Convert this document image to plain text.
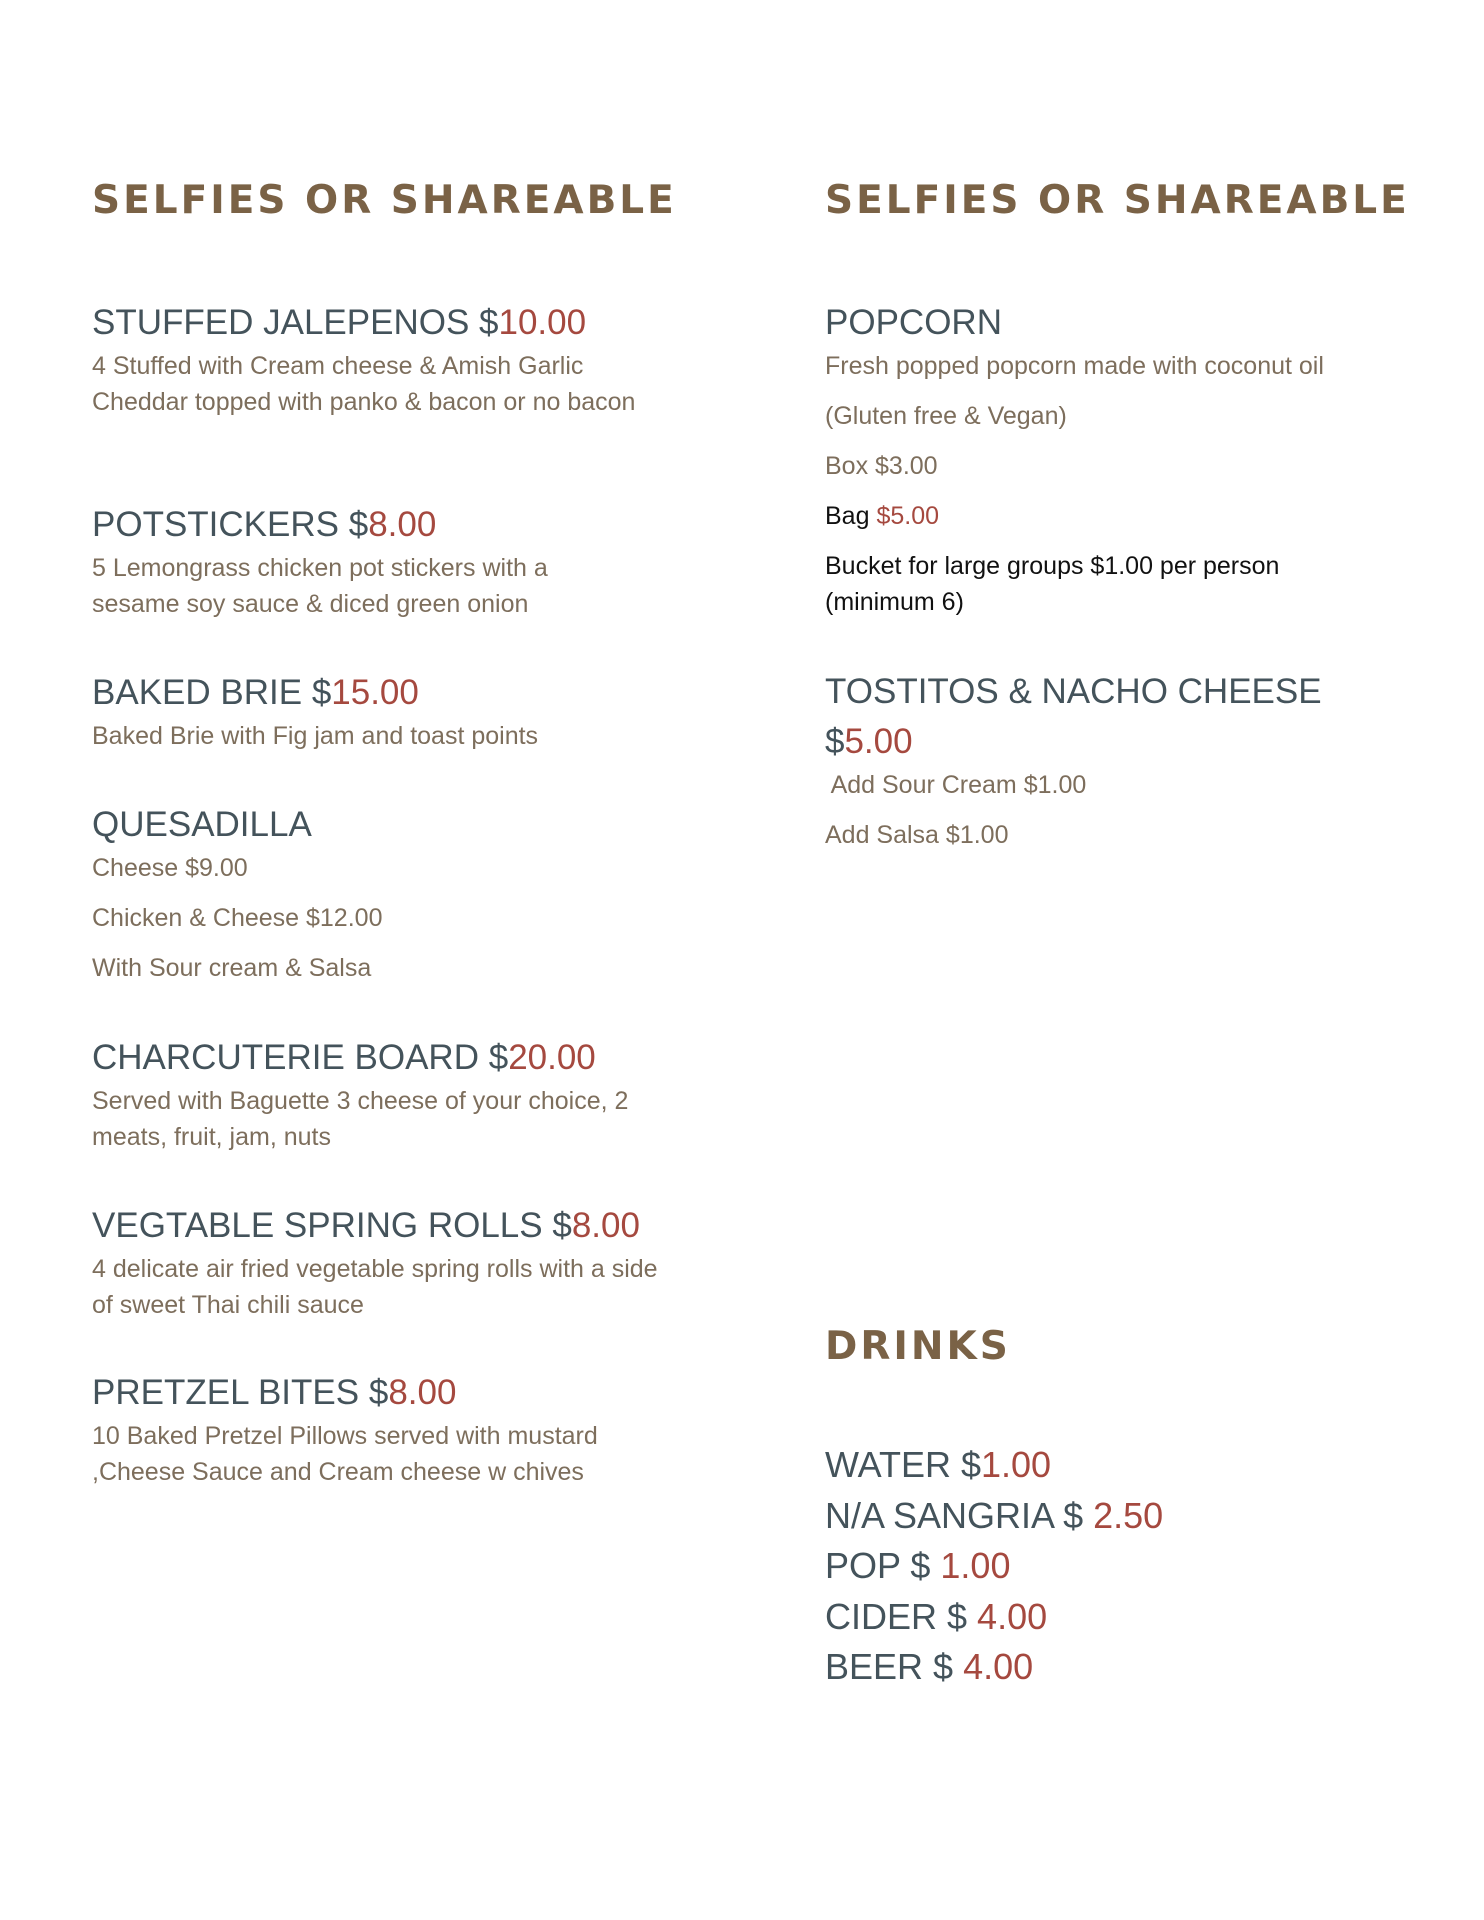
SELFIES OR SHAREABLE
STUFFED JALEPENOS $10.00
4 Stuffed with Cream cheese & Amish Garlic Cheddar topped with panko & bacon or no bacon
POTSTICKERS $8.00
5 Lemongrass chicken pot stickers with a sesame soy sauce & diced green onion
BAKED BRIE $15.00
Baked Brie with Fig jam and toast points
QUESADILLA
Cheese $9.00
Chicken & Cheese $12.00
With Sour cream & Salsa
CHARCUTERIE BOARD $20.00
Served with Baguette 3 cheese of your choice, 2 meats, fruit, jam, nuts
VEGTABLE SPRING ROLLS $8.00
4 delicate air fried vegetable spring rolls with a side of sweet Thai chili sauce
PRETZEL BITES $8.00
10 Baked Pretzel Pillows served with mustard ,Cheese Sauce and Cream cheese w chives
SELFIES OR SHAREABLE
POPCORN
Fresh popped popcorn made with coconut oil
(Gluten free & Vegan)
Box $3.00
Bag $5.00
Bucket for large groups $1.00 per person (minimum 6)
TOSTITOS & NACHO CHEESE
$5.00
Add Sour Cream $1.00
Add Salsa $1.00
DRINKS
WATER $1.00
N/A SANGRIA $ 2.50
POP $ 1.00
CIDER $ 4.00
BEER $ 4.00
